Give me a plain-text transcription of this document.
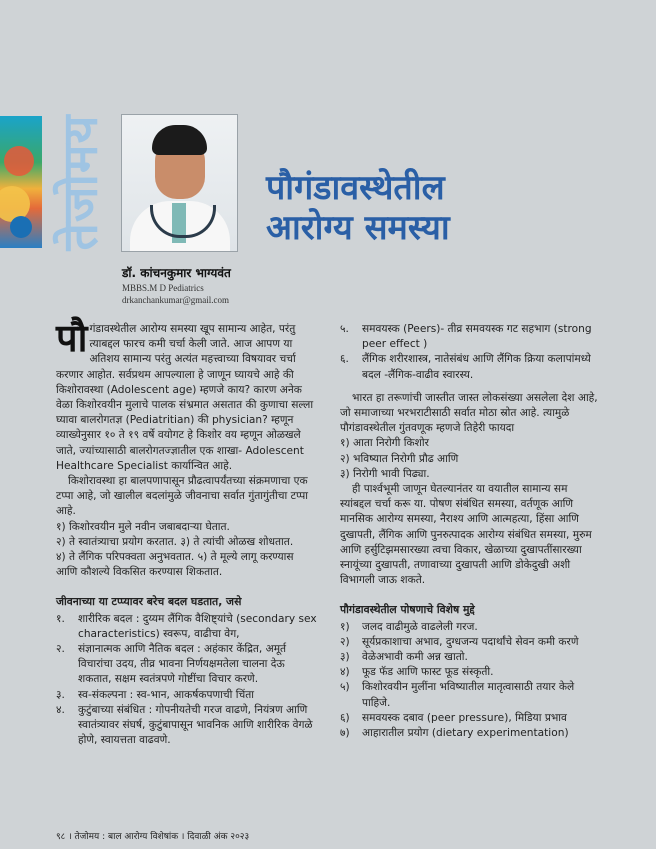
तेजोमय	पौगंडावस्थेतील
आरोग्य समस्या
डॉ. कांचनकुमार भाग्यवंत
MBBS.M D Pediatrics
drkanchankumar@gmail.com

पौगंडावस्थेतील आरोग्य समस्या खूप सामान्य आहेत, परंतु त्याबद्दल फारच कमी चर्चा केली जाते. आज आपण या अतिशय सामान्य परंतु अत्यंत महत्त्वाच्या विषयावर चर्चा करणार आहोत. सर्वप्रथम आपल्याला हे जाणून घ्यायचे आहे की किशोरावस्था (Adolescent age) म्हणजे काय? कारण अनेक वेळा किशोरवयीन मुलाचे पालक संभ्रमात असतात की कुणाचा सल्ला घ्यावा बालरोगतज्ञ (Pediatritian) की physician? म्हणून व्याख्येनुसार १० ते १९ वर्षे वयोगट हे किशोर वय म्हणून ओळखले जाते, ज्यांच्यासाठी बालरोगतज्ज्ञातील एक शाखा- Adolescent Healthcare Specialist कार्यान्वित आहे.

किशोरावस्था हा बालपणापासून प्रौढत्वापर्यंतच्या संक्रमणाचा एक टप्पा आहे, जो खालील बदलांमुळे जीवनाचा सर्वात गुंतागुंतीचा टप्पा आहे.

१) किशोरवयीन मुले नवीन जबाबदाऱ्या घेतात.

२) ते स्वातंत्र्याचा प्रयोग करतात. ३) ते त्यांची ओळख शोधतात.

४) ते लैंगिक परिपक्वता अनुभवतात. ५) ते मूल्ये लागू करण्यास आणि कौशल्ये विकसित करण्यास शिकतात.

जीवनाच्या या टप्प्यावर बरेच बदल घडतात, जसे

१.	शारीरिक बदल : दुय्यम लैंगिक वैशिष्ट्यांचे (secondary sex characteristics) स्वरूप, वाढीचा वेग,
२.	संज्ञानात्मक आणि नैतिक बदल : अहंकार केंद्रित, अमूर्त विचारांचा उदय, तीव्र भावना निर्णयक्षमतेला चालना देऊ शकतात, सक्षम स्वतंत्रपणे गोष्टींचा विचार करणे.
३.	स्व-संकल्पना : स्व-भान, आकर्षकपणाची चिंता
४.	कुटुंबाच्या संबंधित : गोपनीयतेची गरज वाढणे, नियंत्रण आणि स्वातंत्र्यावर संघर्ष, कुटुंबापासून भावनिक आणि शारीरिक वेगळे होणे, स्वायत्तता वाढवणे.
५.	समवयस्क (Peers)- तीव्र समवयस्क गट सहभाग (strong peer effect )
६.	लैंगिक शरीरशास्त्र, नातेसंबंध आणि लैंगिक क्रिया कलापांमध्ये बदल -लैंगिक-वाढीव स्वारस्य.

भारत हा तरूणांची जास्तीत जास्त लोकसंख्या असलेला देश आहे, जो समाजाच्या भरभराटीसाठी सर्वात मोठा स्रोत आहे. त्यामुळे पौगंडावस्थेतील गुंतवणूक म्हणजे तिहेरी फायदा

१) आता निरोगी किशोर

२) भविष्यात निरोगी प्रौढ आणि

३) निरोगी भावी पिढ्या.

ही पार्श्वभूमी जाणून घेतल्यानंतर या वयातील सामान्य सम स्यांबद्दल चर्चा करू या. पोषण संबंधित समस्या, वर्तणूक आणि मानसिक आरोग्य समस्या, नैराश्य आणि आत्महत्या, हिंसा आणि दुखापती, लैंगिक आणि पुनरुत्पादक आरोग्य संबंधित समस्या, मुरुम आणि हर्सुटिझमसारख्या त्वचा विकार, खेळाच्या दुखापतींसारख्या स्नायूंच्या दुखापती, तणावाच्या दुखापती आणि डोकेदुखी अशी विभागली जाऊ शकते.

पौगंडावस्थेतील पोषणाचे विशेष मुद्दे

१)	जलद वाढीमुळे वाढलेली गरज.
२)	सूर्यप्रकाशाचा अभाव, दुग्धजन्य पदार्थांचे सेवन कमी करणे
३)	वेळेअभावी कमी अन्न खातो.
४)	फूड फॅड आणि फास्ट फूड संस्कृती.
५)	किशोरवयीन मुलींना भविष्यातील मातृत्वासाठी तयार केले पाहिजे.
६)	समवयस्क दबाव (peer pressure), मिडिया प्रभाव
७)	आहारातील प्रयोग (dietary experimentation)
९८ । तेजोमय : बाल आरोग्य विशेषांक । दिवाळी अंक २०२३
